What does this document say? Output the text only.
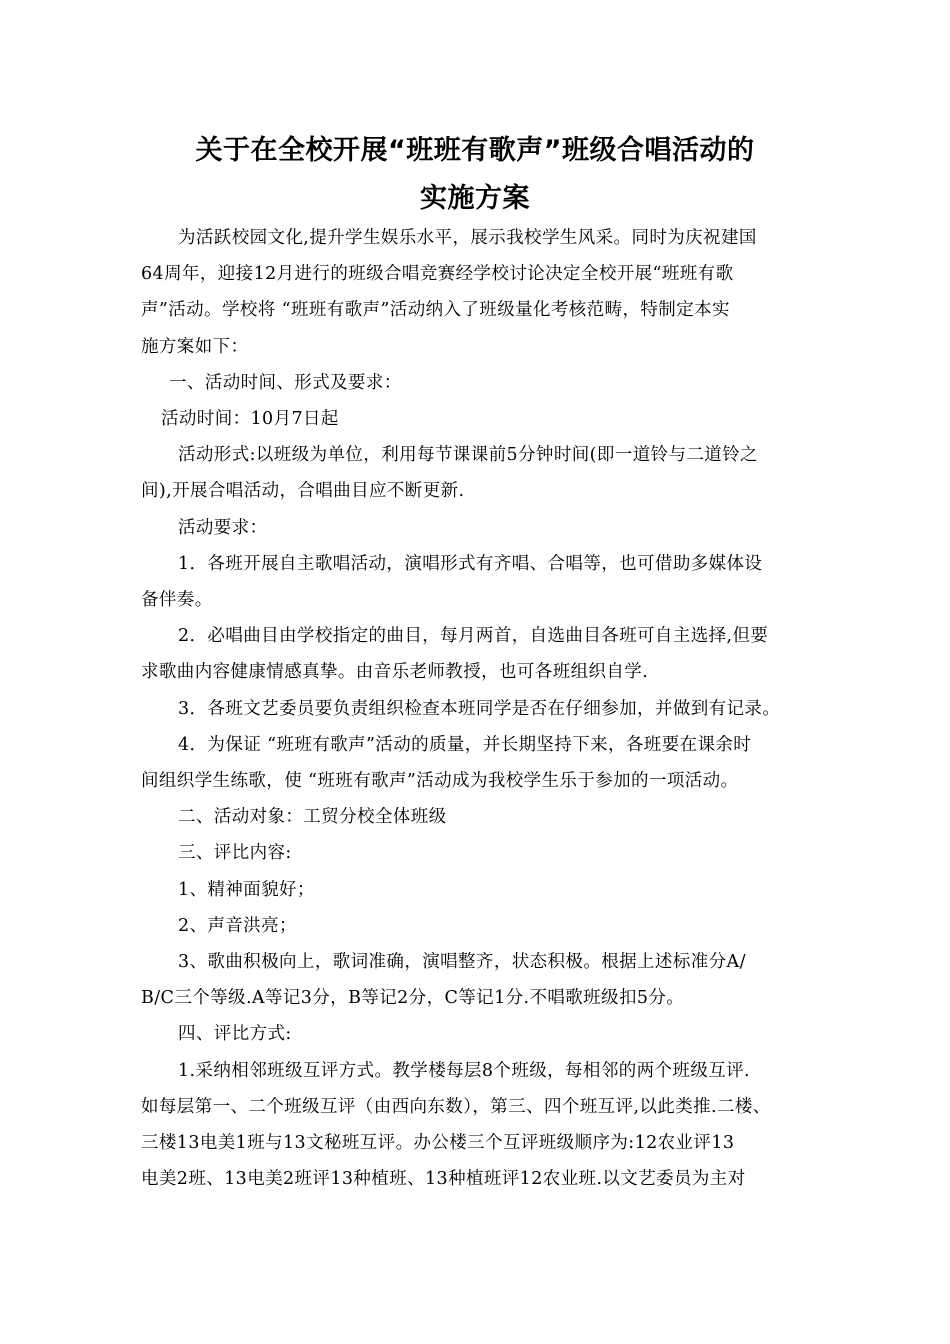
关于在全校开展“班班有歌声”班级合唱活动的
实施方案

为活跃校园文化,提升学生娱乐水平，展示我校学生风采。同时为庆祝建国

64周年，迎接12月进行的班级合唱竞赛经学校讨论决定全校开展“班班有歌

声”活动。学校将 “班班有歌声”活动纳入了班级量化考核范畴，特制定本实

施方案如下：

一、活动时间、形式及要求：

活动时间：10月7日起

活动形式:以班级为单位，利用每节课课前5分钟时间(即一道铃与二道铃之

间),开展合唱活动，合唱曲目应不断更新.

活动要求：

1．各班开展自主歌唱活动，演唱形式有齐唱、合唱等，也可借助多媒体设

备伴奏。

2．必唱曲目由学校指定的曲目，每月两首，自选曲目各班可自主选择,但要

求歌曲内容健康情感真挚。由音乐老师教授，也可各班组织自学.

3．各班文艺委员要负责组织检查本班同学是否在仔细参加，并做到有记录。

4．为保证 “班班有歌声”活动的质量，并长期坚持下来，各班要在课余时

间组织学生练歌，使 “班班有歌声”活动成为我校学生乐于参加的一项活动。

二、活动对象：工贸分校全体班级

三、评比内容:

1、精神面貌好；

2、声音洪亮；

3、歌曲积极向上，歌词准确，演唱整齐，状态积极。根据上述标准分A/

B/C三个等级.A等记3分，B等记2分，C等记1分.不唱歌班级扣5分。

四、评比方式:

1.采纳相邻班级互评方式。教学楼每层8个班级，每相邻的两个班级互评.

如每层第一、二个班级互评（由西向东数），第三、四个班互评,以此类推.二楼、

三楼13电美1班与13文秘班互评。办公楼三个互评班级顺序为:12农业评13

电美2班、13电美2班评13种植班、13种植班评12农业班.以文艺委员为主对
